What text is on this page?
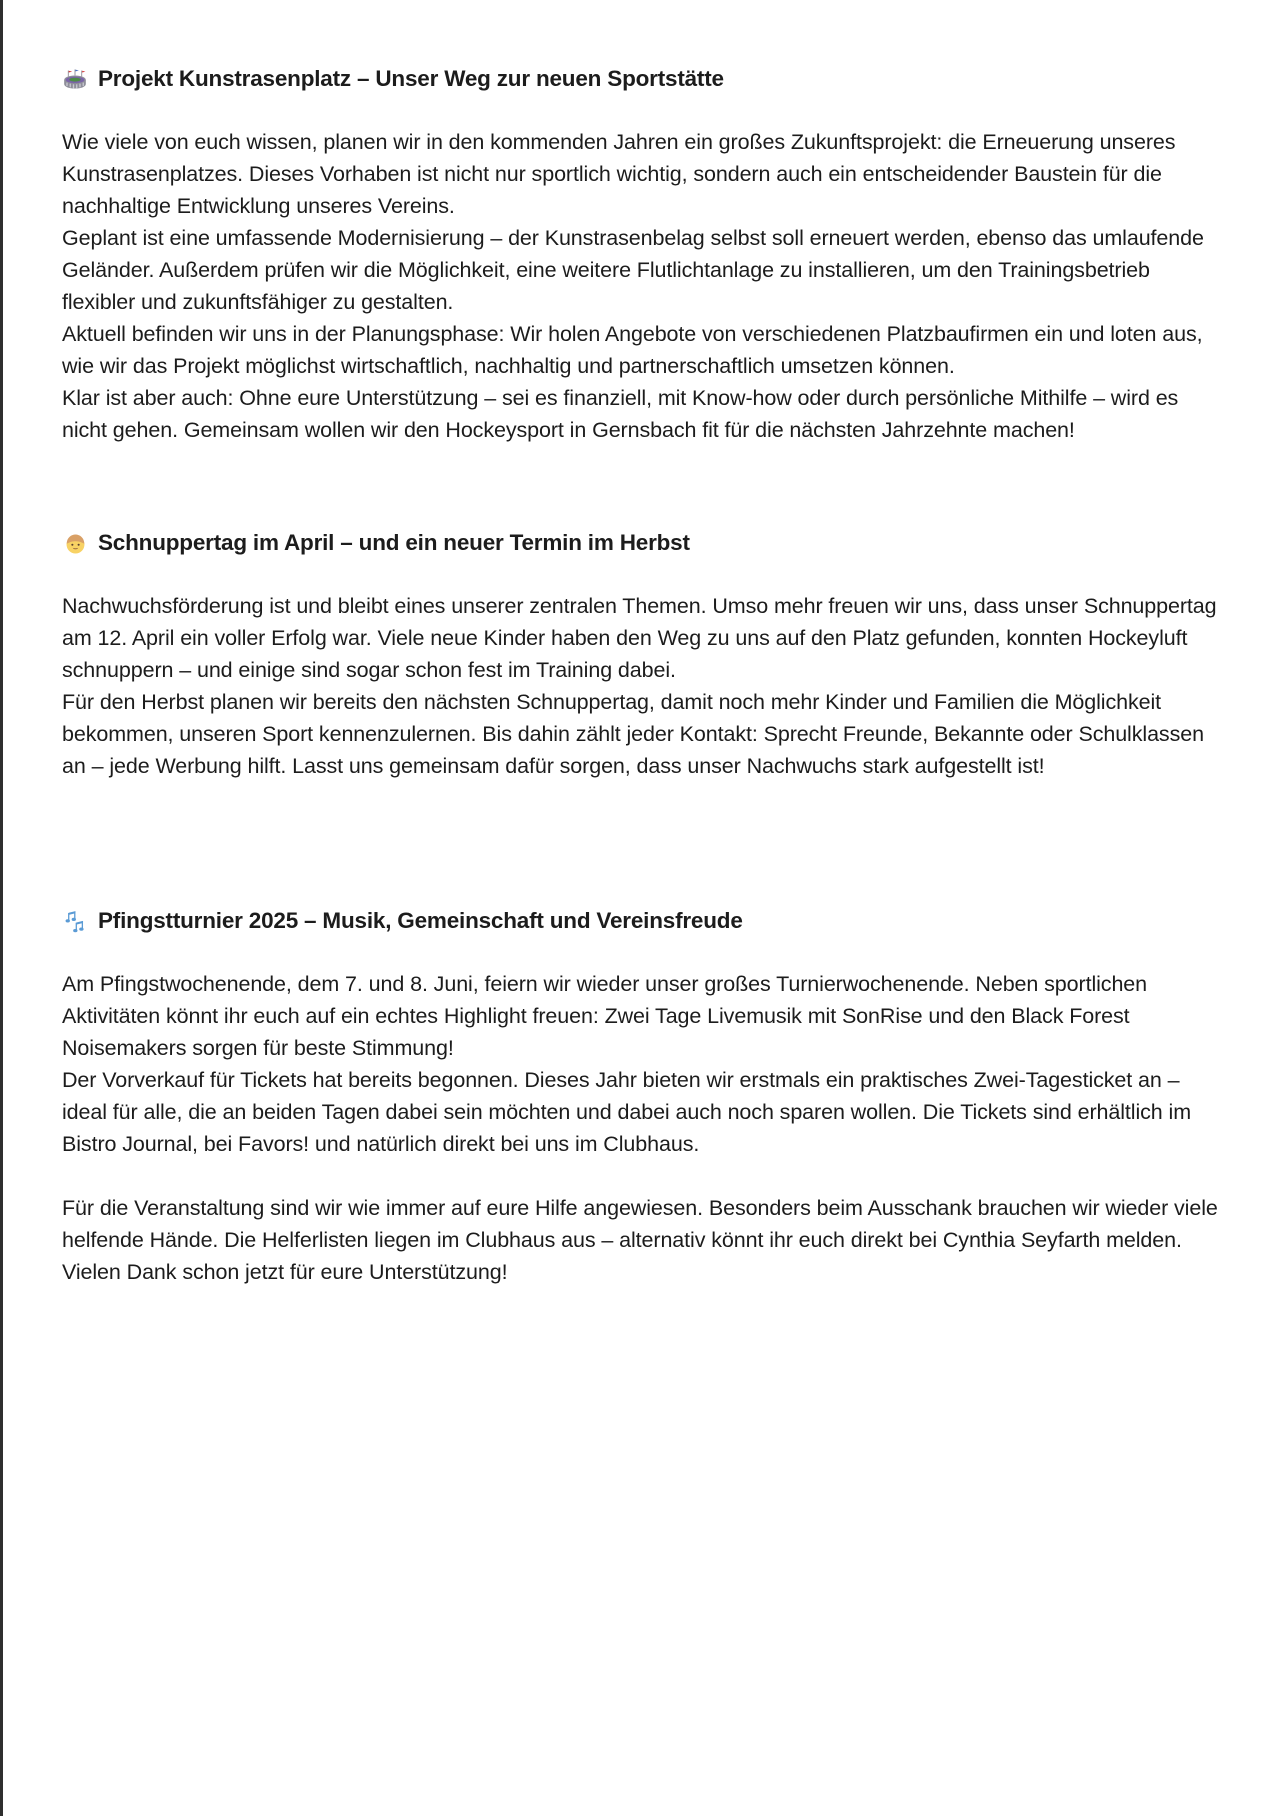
Projekt Kunstrasenplatz – Unser Weg zur neuen Sportstätte

Wie viele von euch wissen, planen wir in den kommenden Jahren ein großes Zukunftsprojekt: die Erneuerung unseres Kunstrasenplatzes. Dieses Vorhaben ist nicht nur sportlich wichtig, sondern auch ein entscheidender Baustein für die nachhaltige Entwicklung unseres Vereins.

Geplant ist eine umfassende Modernisierung – der Kunstrasenbelag selbst soll erneuert werden, ebenso das umlaufende Geländer. Außerdem prüfen wir die Möglichkeit, eine weitere Flutlichtanlage zu installieren, um den Trainingsbetrieb flexibler und zukunftsfähiger zu gestalten.

Aktuell befinden wir uns in der Planungsphase: Wir holen Angebote von verschiedenen Platzbaufirmen ein und loten aus, wie wir das Projekt möglichst wirtschaftlich, nachhaltig und partnerschaftlich umsetzen können.

Klar ist aber auch: Ohne eure Unterstützung – sei es finanziell, mit Know-how oder durch persönliche Mithilfe – wird es nicht gehen. Gemeinsam wollen wir den Hockeysport in Gernsbach fit für die nächsten Jahrzehnte machen!

Schnuppertag im April – und ein neuer Termin im Herbst

Nachwuchsförderung ist und bleibt eines unserer zentralen Themen. Umso mehr freuen wir uns, dass unser Schnuppertag am 12. April ein voller Erfolg war. Viele neue Kinder haben den Weg zu uns auf den Platz gefunden, konnten Hockeyluft schnuppern – und einige sind sogar schon fest im Training dabei.

Für den Herbst planen wir bereits den nächsten Schnuppertag, damit noch mehr Kinder und Familien die Möglichkeit bekommen, unseren Sport kennenzulernen. Bis dahin zählt jeder Kontakt: Sprecht Freunde, Bekannte oder Schulklassen an – jede Werbung hilft. Lasst uns gemeinsam dafür sorgen, dass unser Nachwuchs stark aufgestellt ist!

Pfingstturnier 2025 – Musik, Gemeinschaft und Vereinsfreude

Am Pfingstwochenende, dem 7. und 8. Juni, feiern wir wieder unser großes Turnierwochenende. Neben sportlichen Aktivitäten könnt ihr euch auf ein echtes Highlight freuen: Zwei Tage Livemusik mit SonRise und den Black Forest Noisemakers sorgen für beste Stimmung!

Der Vorverkauf für Tickets hat bereits begonnen. Dieses Jahr bieten wir erstmals ein praktisches Zwei-Tagesticket an – ideal für alle, die an beiden Tagen dabei sein möchten und dabei auch noch sparen wollen. Die Tickets sind erhältlich im Bistro Journal, bei Favors! und natürlich direkt bei uns im Clubhaus.

Für die Veranstaltung sind wir wie immer auf eure Hilfe angewiesen. Besonders beim Ausschank brauchen wir wieder viele helfende Hände. Die Helferlisten liegen im Clubhaus aus – alternativ könnt ihr euch direkt bei Cynthia Seyfarth melden. Vielen Dank schon jetzt für eure Unterstützung!
